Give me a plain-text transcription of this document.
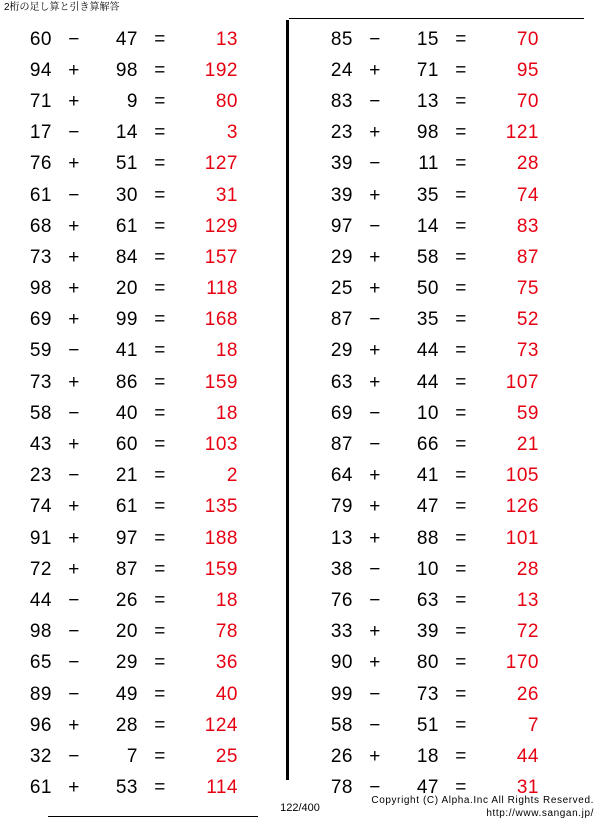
2桁の足し算と引き算解答
60 −	47 =	13
94 +	98 =	192
71 +	9 =	80
17 −	14 =	3
76 +	51 =	127
61 −	30 =	31
68 +	61 =	129
73 +	84 =	157
98 +	20 =	118
69 +	99 =	168
59 −	41 =	18
73 +	86 =	159
58 −	40 =	18
43 +	60 =	103
23 −	21 =	2
74 +	61 =	135
91 +	97 =	188
72 +	87 =	159
44 −	26 =	18
98 −	20 =	78
65 −	29 =	36
89 −	49 =	40
96 +	28 =	124
32 −	7 =	25
61 +	53 =	114
85 −	15 =	70
24 +	71 =	95
83 −	13 =	70
23 +	98 =	121
39 −	11 =	28
39 +	35 =	74
97 −	14 =	83
29 +	58 =	87
25 +	50 =	75
87 −	35 =	52
29 +	44 =	73
63 +	44 =	107
69 −	10 =	59
87 −	66 =	21
64 +	41 =	105
79 +	47 =	126
13 +	88 =	101
38 −	10 =	28
76 −	63 =	13
33 +	39 =	72
90 +	80 =	170
99 −	73 =	26
58 −	51 =	7
26 +	18 =	44
78 −	47 =	31
122/400
Copyright (C) Alpha.Inc All Rights Reserved.
http://www.sangan.jp/
